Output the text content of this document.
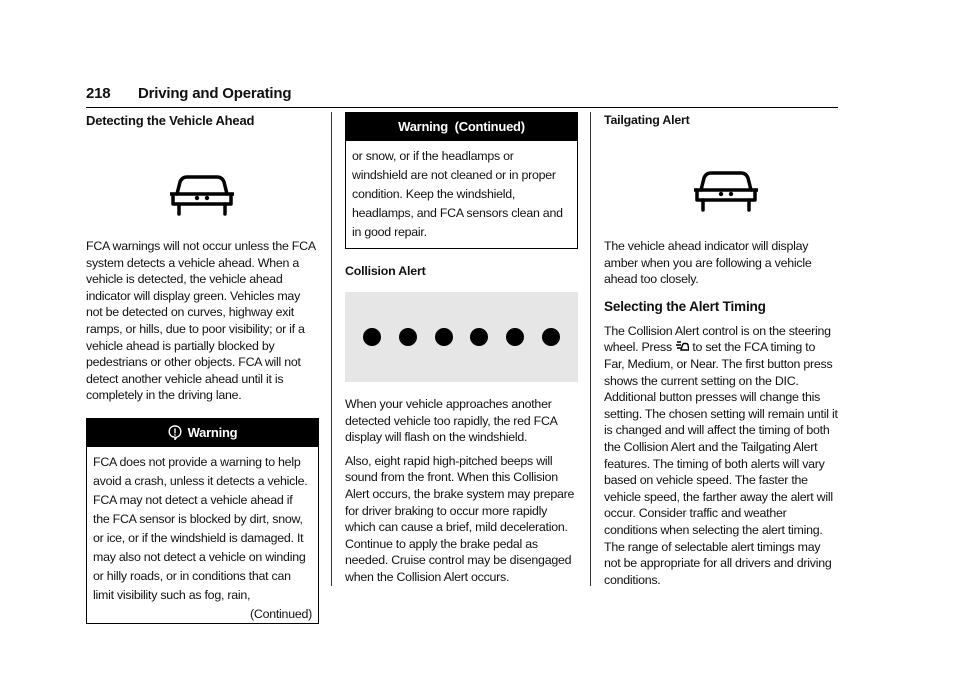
218 Driving and Operating
Detecting the Vehicle Ahead

FCA warnings will not occur unless the FCA system detects a vehicle ahead. When a vehicle is detected, the vehicle ahead indicator will display green. Vehicles may not be detected on curves, highway exit ramps, or hills, due to poor visibility; or if a vehicle ahead is partially blocked by pedestrians or other objects. FCA will not detect another vehicle ahead until it is completely in the driving lane.

Warning
FCA does not provide a warning to help avoid a crash, unless it detects a vehicle. FCA may not detect a vehicle ahead if the FCA sensor is blocked by dirt, snow, or ice, or if the windshield is damaged. It may also not detect a vehicle on winding or hilly roads, or in conditions that can limit visibility such as fog, rain,
(Continued)
Warning  (Continued)
or snow, or if the headlamps or windshield are not cleaned or in proper condition. Keep the windshield, headlamps, and FCA sensors clean and in good repair.
Collision Alert

When your vehicle approaches another detected vehicle too rapidly, the red FCA display will flash on the windshield.

Also, eight rapid high-pitched beeps will sound from the front. When this Collision Alert occurs, the brake system may prepare for driver braking to occur more rapidly which can cause a brief, mild deceleration. Continue to apply the brake pedal as needed. Cruise control may be disengaged when the Collision Alert occurs.

Tailgating Alert

The vehicle ahead indicator will display amber when you are following a vehicle ahead too closely.

Selecting the Alert Timing

The Collision Alert control is on the steering wheel. Press  to set the FCA timing to Far, Medium, or Near. The first button press shows the current setting on the DIC. Additional button presses will change this setting. The chosen setting will remain until it is changed and will affect the timing of both the Collision Alert and the Tailgating Alert features. The timing of both alerts will vary based on vehicle speed. The faster the vehicle speed, the farther away the alert will occur. Consider traffic and weather conditions when selecting the alert timing. The range of selectable alert timings may not be appropriate for all drivers and driving conditions.
